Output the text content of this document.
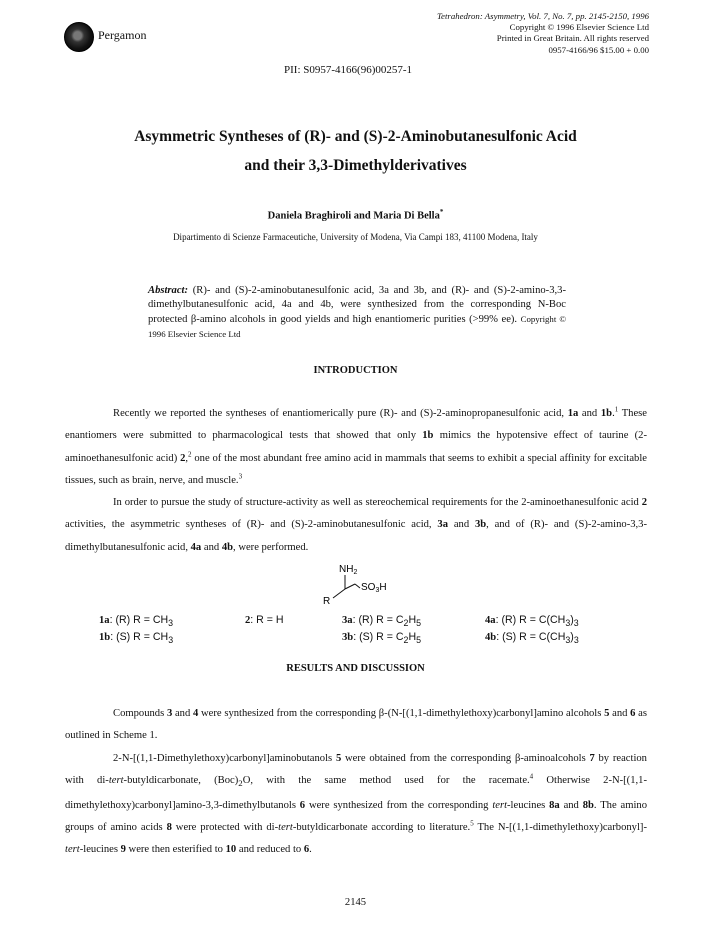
Pergamon
Tetrahedron: Asymmetry, Vol. 7, No. 7, pp. 2145-2150, 1996
Copyright © 1996 Elsevier Science Ltd
Printed in Great Britain. All rights reserved
0957-4166/96 $15.00 + 0.00
PII: S0957-4166(96)00257-1
Asymmetric Syntheses of (R)- and (S)-2-Aminobutanesulfonic Acid
and their 3,3-Dimethylderivatives
Daniela Braghiroli and Maria Di Bella*
Dipartimento di Scienze Farmaceutiche, University of Modena, Via Campi 183, 41100 Modena, Italy
Abstract: (R)- and (S)-2-aminobutanesulfonic acid, 3a and 3b, and (R)- and (S)-2-amino-3,3-dimethylbutanesulfonic acid, 4a and 4b, were synthesized from the corresponding N-Boc protected β-amino alcohols in good yields and high enantiomeric purities (>99% ee). Copyright © 1996 Elsevier Science Ltd
INTRODUCTION
Recently we reported the syntheses of enantiomerically pure (R)- and (S)-2-aminopropanesulfonic acid, 1a and 1b.$^1$ These enantiomers were submitted to pharmacological tests that showed that only 1b mimics the hypotensive effect of taurine (2-aminoethanesulfonic acid) 2,$^2$ one of the most abundant free amino acid in mammals that seems to exhibit a special affinity for excitable tissues, such as brain, nerve, and muscle.$^3$
In order to pursue the study of structure-activity as well as stereochemical requirements for the 2-aminoethanesulfonic acid 2 activities, the asymmetric syntheses of (R)- and (S)-2-aminobutanesulfonic acid, 3a and 3b, and of (R)- and (S)-2-amino-3,3-dimethylbutanesulfonic acid, 4a and 4b, were performed.
$NH_2$
$SO_3H$
R
1a: (R) $R = CH_3$
1b: (S) $R = CH_3$
2: R = H	3a: (R) $R = C_2H_5$
3b: (S) $R = C_2H_5$
4a: (R) $R = C(CH_3)_3$
4b: (S) $R = C(CH_3)_3$
RESULTS AND DISCUSSION
Compounds 3 and 4 were synthesized from the corresponding β-(N-[(1,1-dimethylethoxy)carbonyl]amino alcohols 5 and 6 as outlined in Scheme 1.
2-N-[(1,1-Dimethylethoxy)carbonyl]aminobutanols 5 were obtained from the corresponding β-aminoalcohols 7 by reaction with di-tert-butyldicarbonate, $(Boc)_2O$, with the same method used for the racemate.$^4$ Otherwise 2-N-[(1,1-dimethylethoxy)carbonyl]amino-3,3-dimethylbutanols 6 were synthesized from the corresponding tert-leucines 8a and 8b. The amino groups of amino acids 8 were protected with di-tert-butyldicarbonate according to literature.$^5$ The N-[(1,1-dimethylethoxy)carbonyl]-tert-leucines 9 were then esterified to 10 and reduced to 6.
2145
